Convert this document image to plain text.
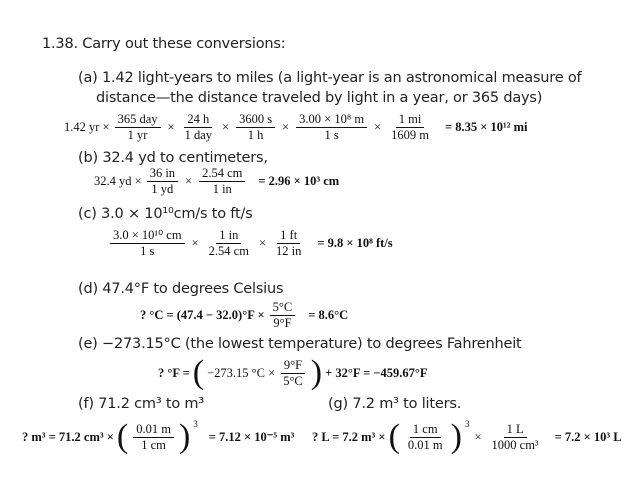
1.38. Carry out these conversions:
(a) 1.42 light-years to miles (a light-year is an astronomical measure of
distance—the distance traveled by light in a year, or 365 days)
1.42 yr × $\frac{\text{365 day}}{1 yr} \times \frac{24 h}{\text{1 day}} \times \frac{3600 s}{1 h} \times \frac{\text{3.00 × 10⁸ m}}{1 s} \times \frac{1 mi}{1609 m} = 8.35 \times 10^{12}$ mi
(b) 32.4 yd to centimeters,
32.4 yd × $\frac{36 in}{1 yd} \times \frac{2.54 cm}{1 in} = 2.96 \times 10^3$ cm
(c) 3.0 × 10¹⁰cm/s to ft/s
$\frac{\text{3.0 × 10¹⁰ cm}}{1 s} \times \frac{1 in}{2.54 cm} \times \frac{1 ft}{12 in} = 9.8 \times 10^8$ ft/s
(d) 47.4°F to degrees Celsius
? $^\circ C = (47.4 - 32.0)^\circ F \times \frac{5^\circ C}{9^\circ F} = 8.6^\circ C$
(e) −273.15°C (the lowest temperature) to degrees Fahrenheit
? °F = ( −273.15 $^\circ C \times \frac{9^\circ F}{5^\circ C}$ ) + 32°F = −459.67°F
(f) 71.2 cm³ to m³
? m³ = 71.2 cm³ × ( $\frac{0.01 m}{1 cm}$ ) 3
= 7.12 × 10⁻⁵ m³
(g) 7.2 m³ to liters.
? L = 7.2 m³ × ( $\frac{1 cm}{0.01 m}$ ) 3
× $\frac{1 L}{\text{1000 cm³}} = 7.2 \times 10^3$ L
